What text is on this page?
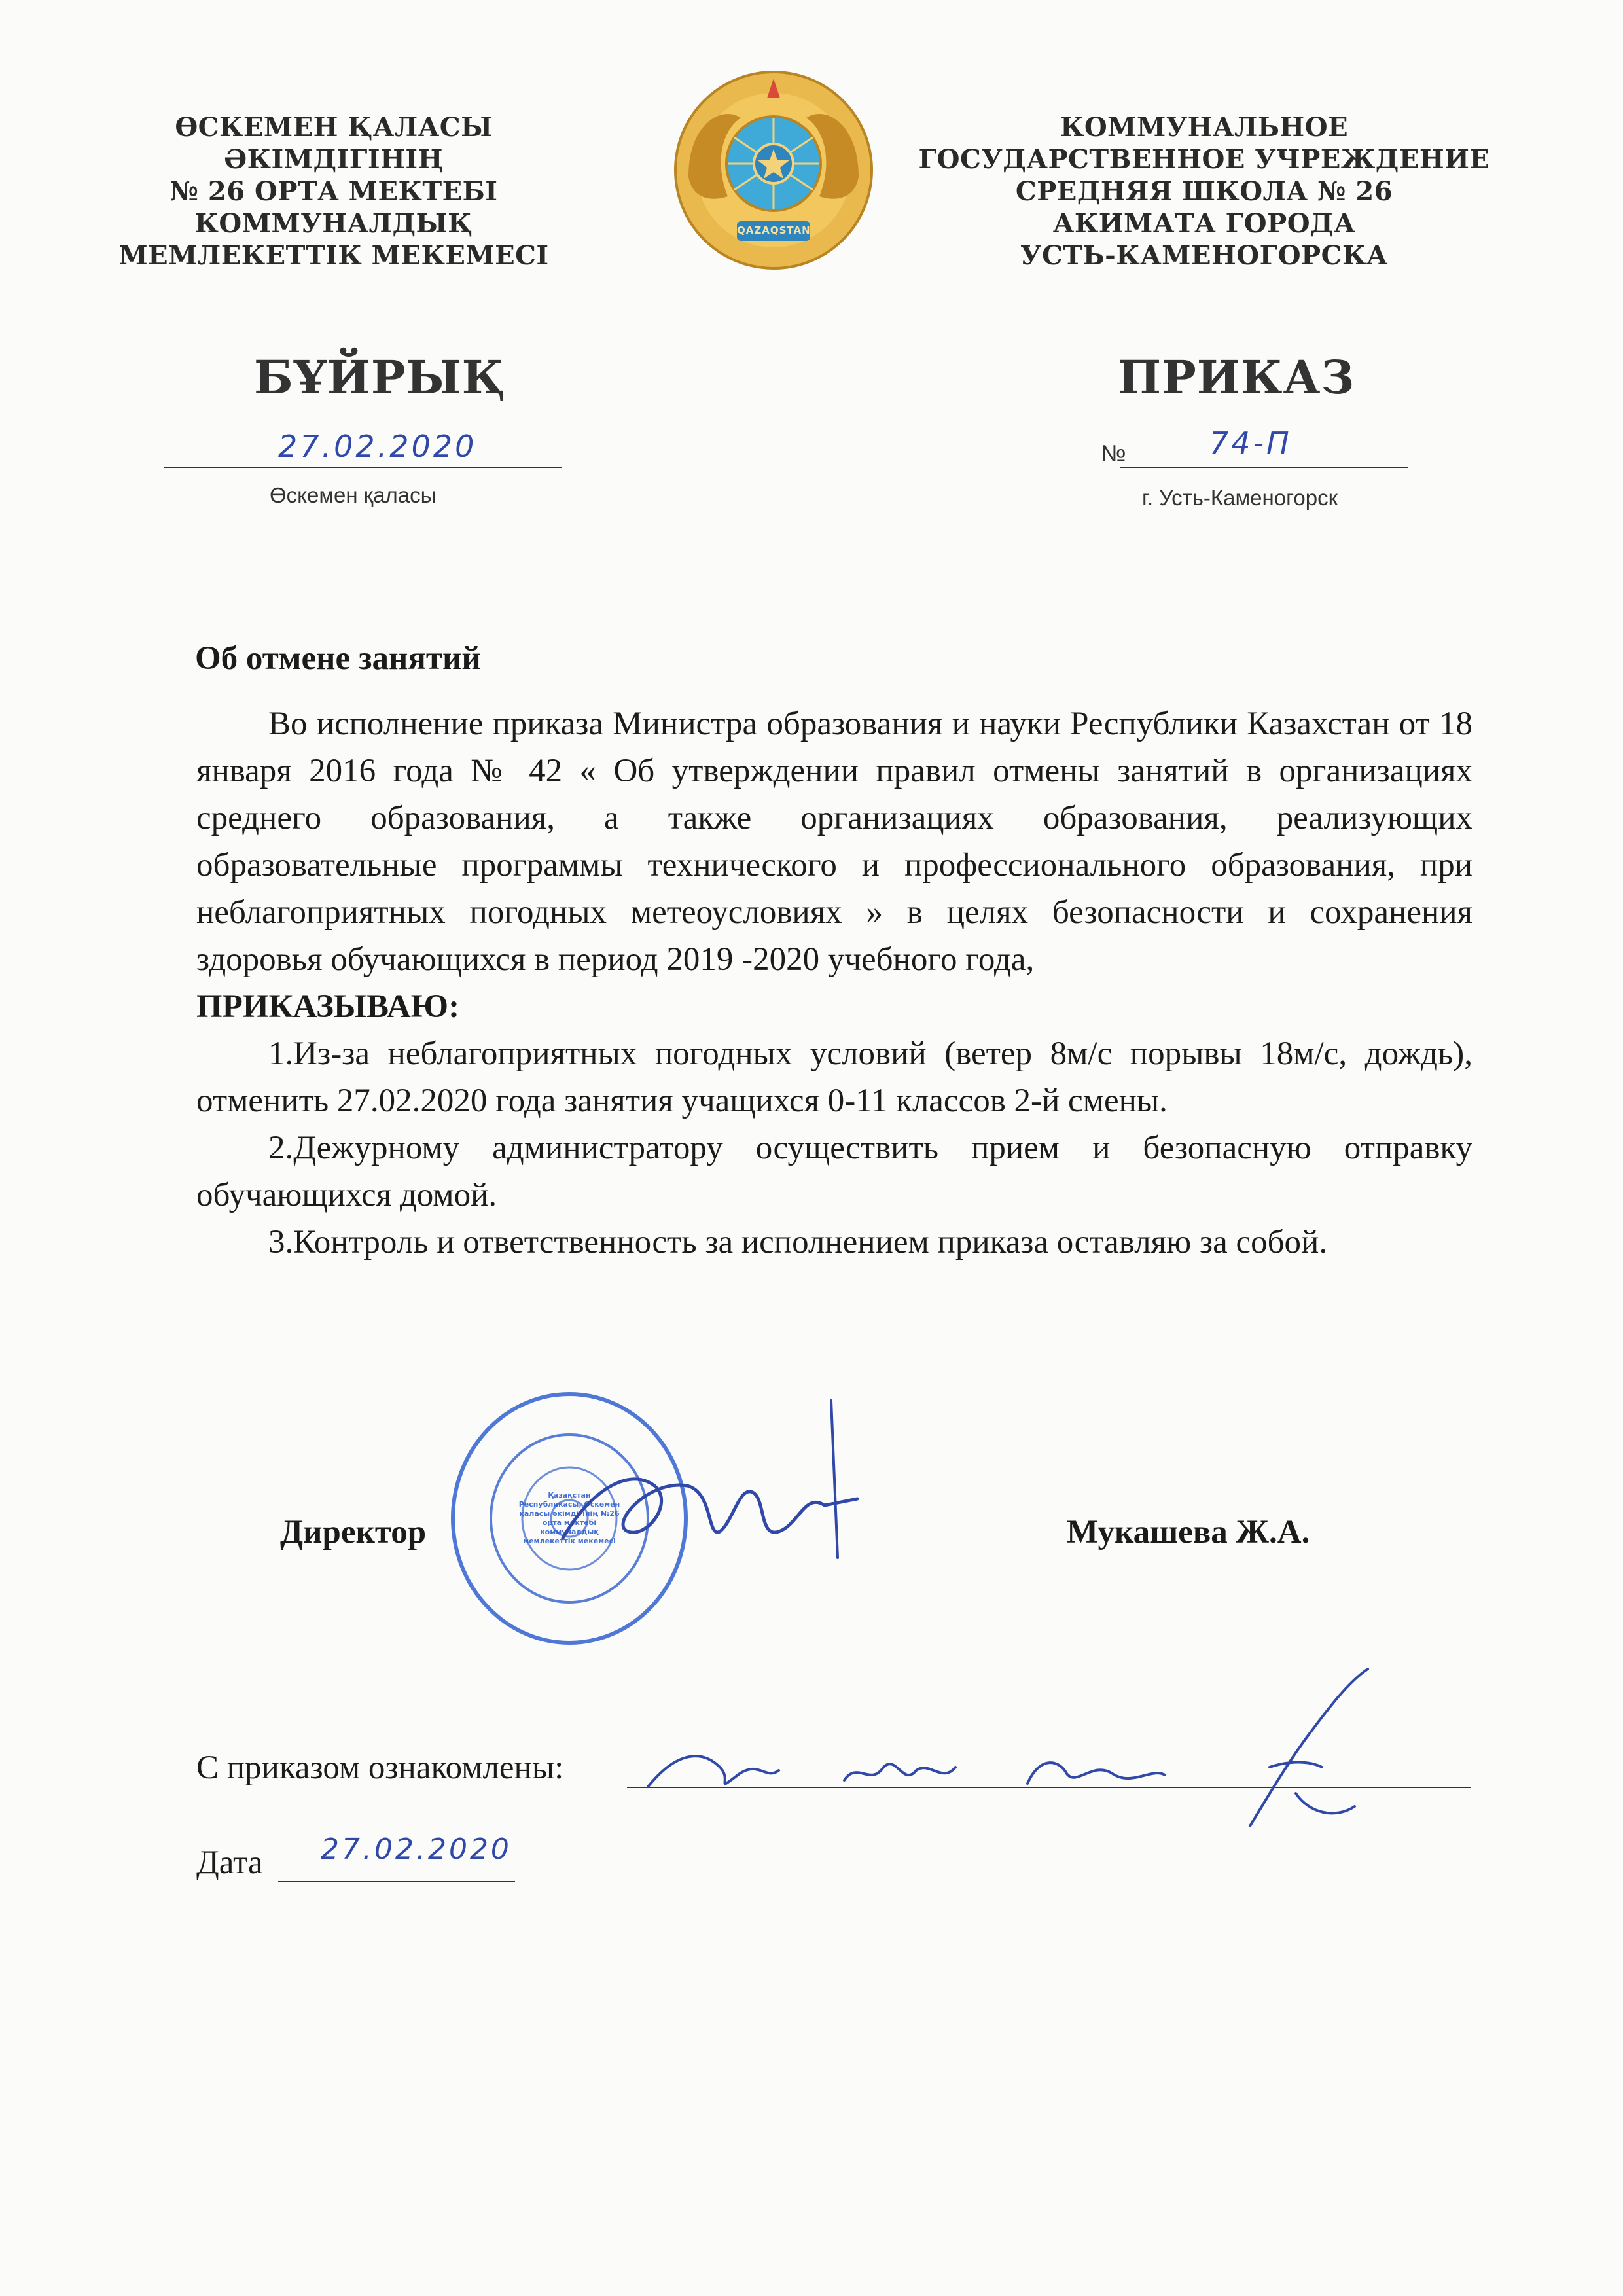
ӨСКЕМЕН ҚАЛАСЫ
ӘКІМДІГІНІҢ
№ 26 ОРТА МЕКТЕБІ
КОММУНАЛДЫҚ
МЕМЛЕКЕТТІК МЕКЕМЕСІ
QAZAQSTAN
КОММУНАЛЬНОЕ
ГОСУДАРСТВЕННОЕ УЧРЕЖДЕНИЕ
СРЕДНЯЯ ШКОЛА № 26
АКИМАТА ГОРОДА
УСТЬ-КАМЕНОГОРСКА
БҰЙРЫҚ	ПРИКАЗ
27.02.2020
Өскемен қаласы
№	74-П
г. Усть-Каменогорск
Об отмене занятий

Во исполнение приказа Министра образования и науки Республики Казахстан от 18 января 2016 года № 42 « Об утверждении правил отмены занятий в организациях среднего образования, а также организациях образования, реализующих образовательные программы технического и профессионального образования, при неблагоприятных погодных метеоусловиях » в целях безопасности и сохранения здоровья обучающихся в период 2019 -2020 учебного года,

ПРИКАЗЫВАЮ:

1.Из-за неблагоприятных погодных условий (ветер 8м/с порывы 18м/с, дождь), отменить 27.02.2020 года занятия учащихся 0-11 классов 2-й смены.

2.Дежурному администратору осуществить прием и безопасную отправку обучающихся домой.

3.Контроль и ответственность за исполнением приказа оставляю за собой.

Қазақстан Республикасы, Өскемен қаласы әкімдігінің №26 орта мектебі коммуналдық мемлекеттік мекемесі
Директор	Мукашева Ж.А.
С приказом ознакомлены:
Дата 27.02.2020
